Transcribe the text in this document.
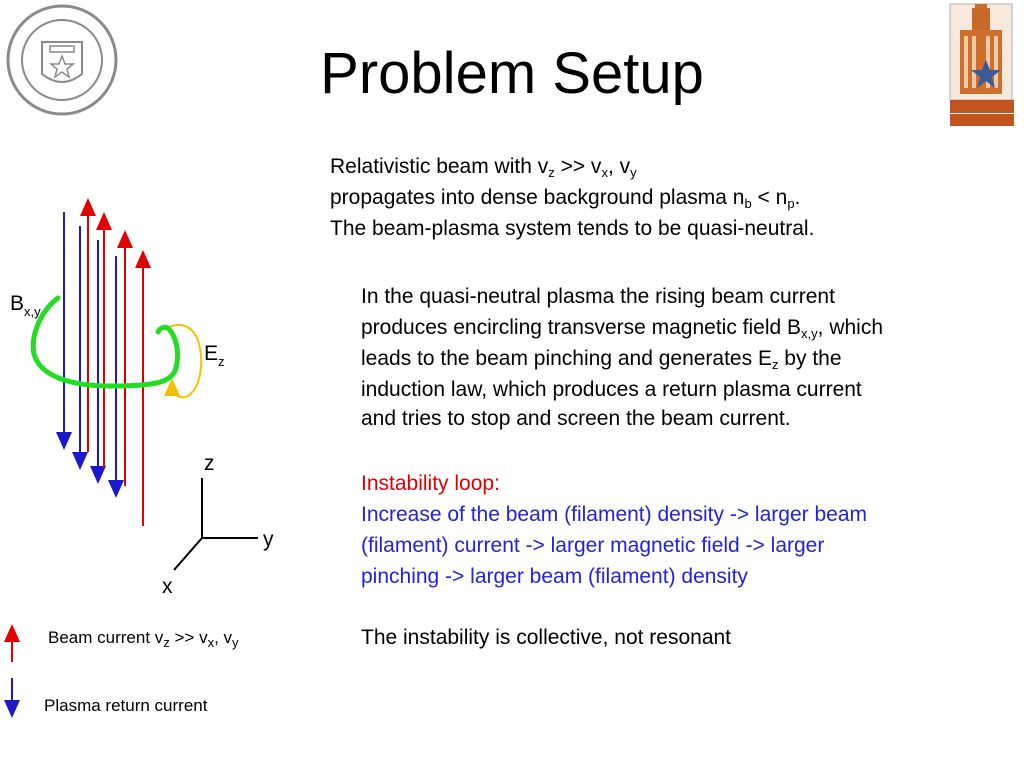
Problem Setup
Relativistic beam with $v_z >> v_x$, $v_y$
propagates into dense background plasma $n_b < n_p$.
The beam-plasma system tends to be quasi-neutral.
In the quasi-neutral plasma the rising beam current
produces encircling transverse magnetic field $B_{x,y}$, which
leads to the beam pinching and generates $E_z$ by the
induction law, which produces a return plasma current
and tries to stop and screen the beam current.
Instability loop:
Increase of the beam (filament) density -> larger beam
(filament) current -> larger magnetic field -> larger
pinching -> larger beam (filament) density
The instability is collective, not resonant
$B_{x,y}$
$E_z$
z
y
x
Beam current $v_z >> v_x$, $v_y$
Plasma return current
